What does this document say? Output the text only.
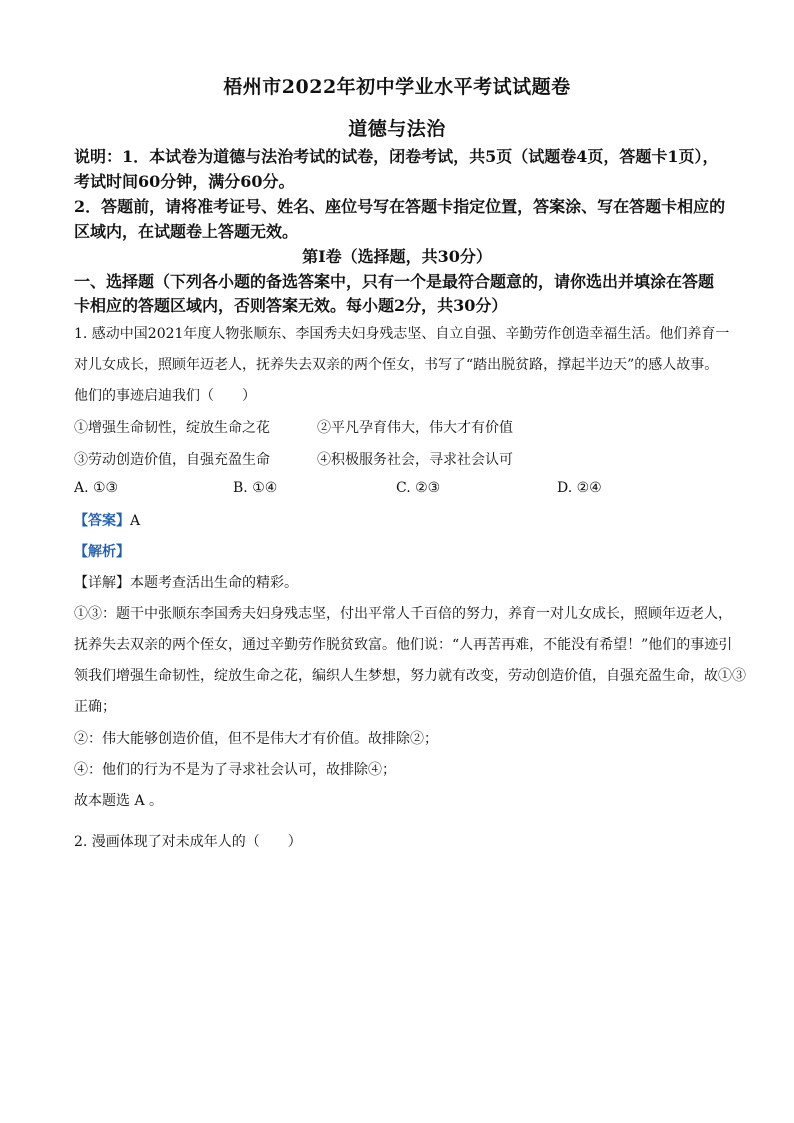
梧州市2022年初中学业水平考试试题卷
道德与法治
说明：1．本试卷为道德与法治考试的试卷，闭卷考试，共5页（试题卷4页，答题卡1页），
考试时间60分钟，满分60分。
2．答题前，请将准考证号、姓名、座位号写在答题卡指定位置，答案涂、写在答题卡相应的
区域内，在试题卷上答题无效。
第Ⅰ卷（选择题，共30分）
一、选择题（下列各小题的备选答案中，只有一个是最符合题意的，请你选出并填涂在答题
卡相应的答题区域内，否则答案无效。每小题2分，共30分）
1. 感动中国2021年度人物张顺东、李国秀夫妇身残志坚、自立自强、辛勤劳作创造幸福生活。他们养育一
对儿女成长，照顾年迈老人，抚养失去双亲的两个侄女，书写了“踏出脱贫路，撑起半边天”的感人故事。
他们的事迹启迪我们（　　）
①增强生命韧性，绽放生命之花	②平凡孕育伟大，伟大才有价值
③劳动创造价值，自强充盈生命	④积极服务社会，寻求社会认可
A. ①③	B. ①④	C. ②③	D. ②④
【答案】A
【解析】
【详解】本题考查活出生命的精彩。
①③：题干中张顺东李国秀夫妇身残志坚，付出平常人千百倍的努力，养育一对儿女成长，照顾年迈老人，
抚养失去双亲的两个侄女，通过辛勤劳作脱贫致富。他们说：“人再苦再难，不能没有希望！”他们的事迹引
领我们增强生命韧性，绽放生命之花，编织人生梦想，努力就有改变，劳动创造价值，自强充盈生命，故①③
正确；
②：伟大能够创造价值，但不是伟大才有价值。故排除②；
④：他们的行为不是为了寻求社会认可，故排除④；
故本题选 A 。
2. 漫画体现了对未成年人的（　　）
